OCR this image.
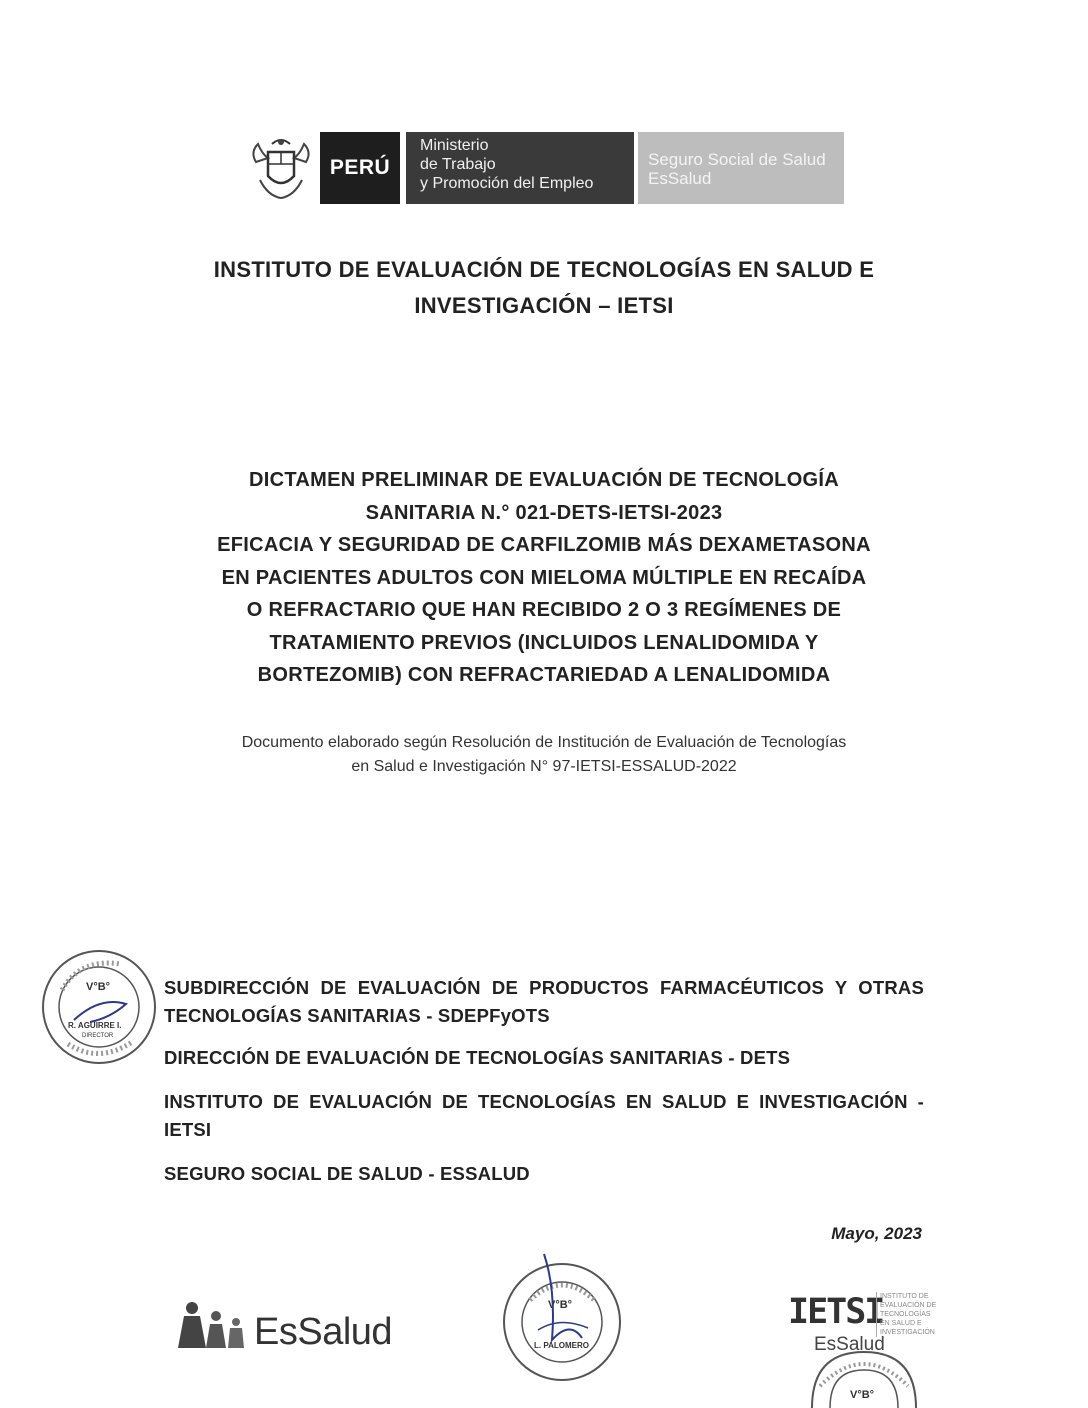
PERÚ
Ministerio
de Trabajo
y Promoción del Empleo
Seguro Social de Salud
EsSalud
INSTITUTO DE EVALUACIÓN DE TECNOLOGÍAS EN SALUD E
INVESTIGACIÓN – IETSI
DICTAMEN PRELIMINAR DE EVALUACIÓN DE TECNOLOGÍA
SANITARIA N.° 021-DETS-IETSI-2023
EFICACIA Y SEGURIDAD DE CARFILZOMIB MÁS DEXAMETASONA
EN PACIENTES ADULTOS CON MIELOMA MÚLTIPLE EN RECAÍDA
O REFRACTARIO QUE HAN RECIBIDO 2 O 3 REGÍMENES DE
TRATAMIENTO PREVIOS (INCLUIDOS LENALIDOMIDA Y
BORTEZOMIB) CON REFRACTARIEDAD A LENALIDOMIDA
Documento elaborado según Resolución de Institución de Evaluación de Tecnologías
en Salud e Investigación N° 97-IETSI-ESSALUD-2022
V°B°
R. AGUIRRE I.
DIRECTOR
SUBDIRECCIÓN DE EVALUACIÓN DE PRODUCTOS FARMACÉUTICOS Y OTRAS TECNOLOGÍAS SANITARIAS - SDEPFyOTS
DIRECCIÓN DE EVALUACIÓN DE TECNOLOGÍAS SANITARIAS - DETS
INSTITUTO DE EVALUACIÓN DE TECNOLOGÍAS EN SALUD E INVESTIGACIÓN - IETSI
SEGURO SOCIAL DE SALUD - ESSALUD
Mayo, 2023
EsSalud
V°B°
L. PALOMERO
IETSI
EsSalud
INSTITUTO DE EVALUACIÓN DE TECNOLOGÍAS EN SALUD E INVESTIGACIÓN
V°B°
